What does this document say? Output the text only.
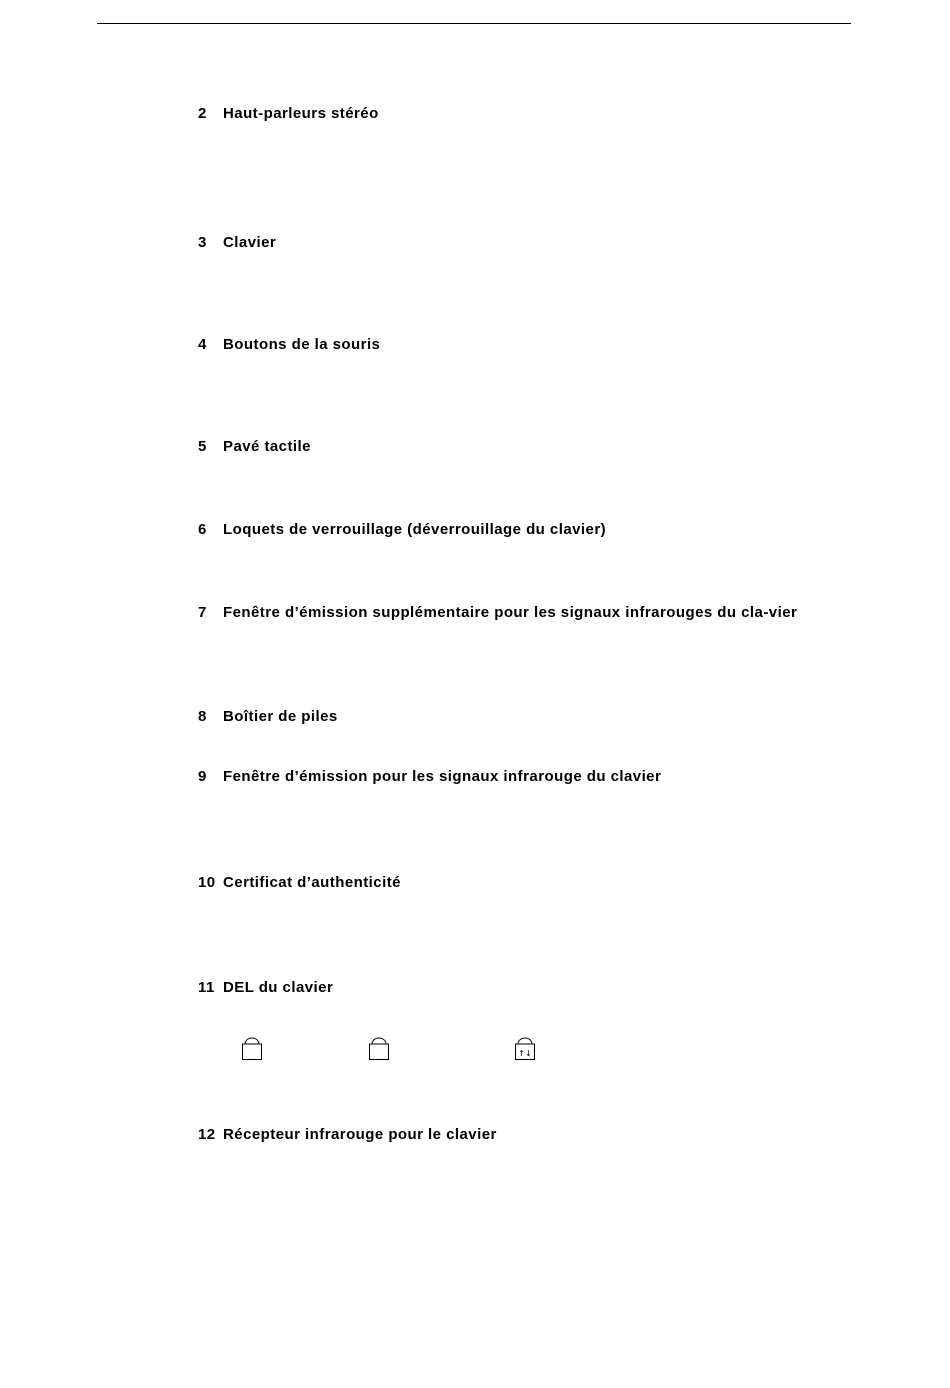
2 Haut-parleurs stéréo
3 Clavier
4 Boutons de la souris
5 Pavé tactile
6 Loquets de verrouillage (déverrouillage du clavier)
7 Fenêtre d’émission supplémentaire pour les signaux infrarouges du cla-vier
8 Boîtier de piles
9 Fenêtre d’émission pour les signaux infrarouge du clavier
10 Certificat d’authenticité
11 DEL du clavier
↑↓
12 Récepteur infrarouge pour le clavier
